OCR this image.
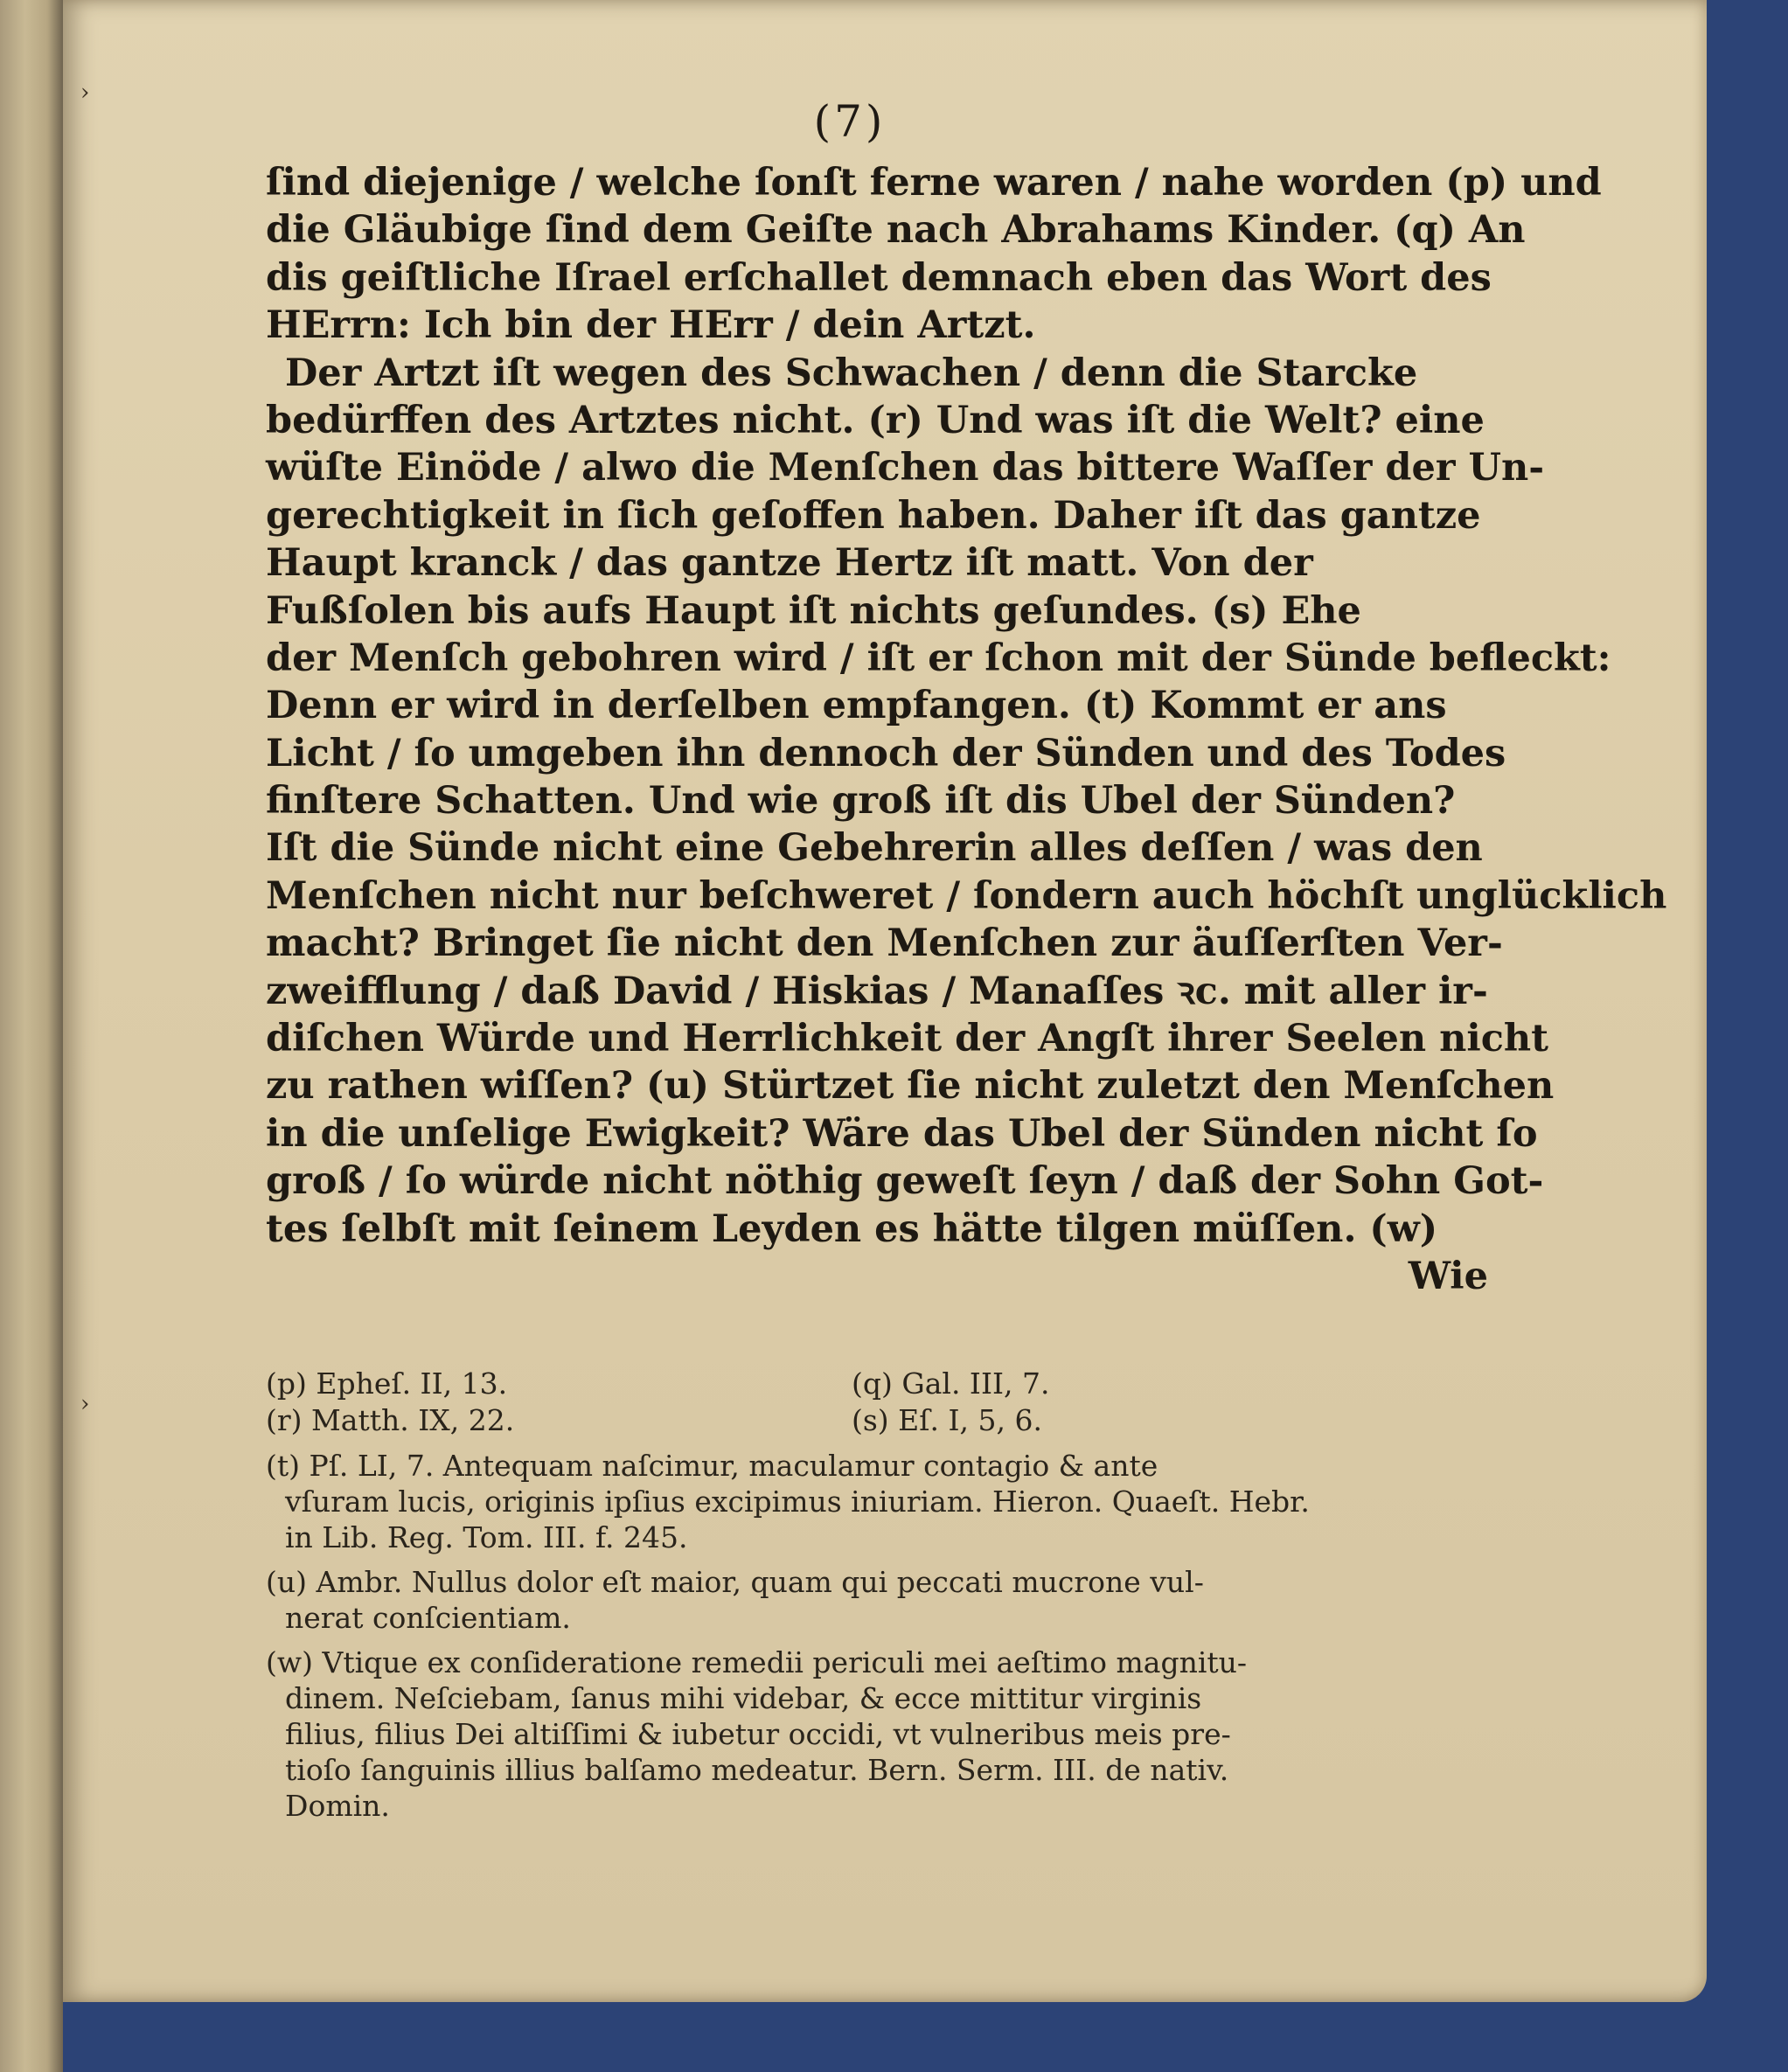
(7)
ſind diejenige / welche ſonſt ferne waren / nahe worden (p) und
die Gläubige ſind dem Geiſte nach Abrahams Kinder. (q) An
dis geiſtliche Iſrael erſchallet demnach eben das Wort des
HErrn: Ich bin der HErr / dein Artzt.
Der Artzt iſt wegen des Schwachen / denn die Starcke
bedürffen des Artztes nicht. (r) Und was iſt die Welt? eine
wüſte Einöde / alwo die Menſchen das bittere Waſſer der Un-
gerechtigkeit in ſich geſoffen haben. Daher iſt das gantze
Haupt kranck / das gantze Hertz iſt matt. Von der
Fußſolen bis aufs Haupt iſt nichts geſundes. (s) Ehe
der Menſch gebohren wird / iſt er ſchon mit der Sünde befleckt:
Denn er wird in derſelben empfangen. (t) Kommt er ans
Licht / ſo umgeben ihn dennoch der Sünden und des Todes
finſtere Schatten. Und wie groß iſt dis Ubel der Sünden?
Iſt die Sünde nicht eine Gebehrerin alles deſſen / was den
Menſchen nicht nur beſchweret / ſondern auch höchſt unglücklich
macht? Bringet ſie nicht den Menſchen zur äuſſerſten Ver-
zweifflung / daß David / Hiskias / Manaſſes ꝛc. mit aller ir-
diſchen Würde und Herrlichkeit der Angſt ihrer Seelen nicht
zu rathen wiſſen? (u) Stürtzet ſie nicht zuletzt den Menſchen
in die unſelige Ewigkeit? Wäre das Ubel der Sünden nicht ſo
groß / ſo würde nicht nöthig geweſt ſeyn / daß der Sohn Got-
tes ſelbſt mit ſeinem Leyden es hätte tilgen müſſen. (w)
Wie
(p) Epheſ. II, 13.	(q) Gal. III, 7.
(r) Matth. IX, 22.	(s) Eſ. I, 5, 6.
(t) Pſ. LI, 7. Antequam naſcimur, maculamur contagio & ante
vſuram lucis, originis ipſius excipimus iniuriam. Hieron. Quaeſt. Hebr.
in Lib. Reg. Tom. III. f. 245.
(u) Ambr. Nullus dolor eſt maior, quam qui peccati mucrone vul-
nerat conſcientiam.
(w) Vtique ex conſideratione remedii periculi mei aeſtimo magnitu-
dinem. Neſciebam, ſanus mihi videbar, & ecce mittitur virginis
filius, filius Dei altiſſimi & iubetur occidi, vt vulneribus meis pre-
tioſo ſanguinis illius balſamo medeatur. Bern. Serm. III. de nativ.
Domin.
›
›
